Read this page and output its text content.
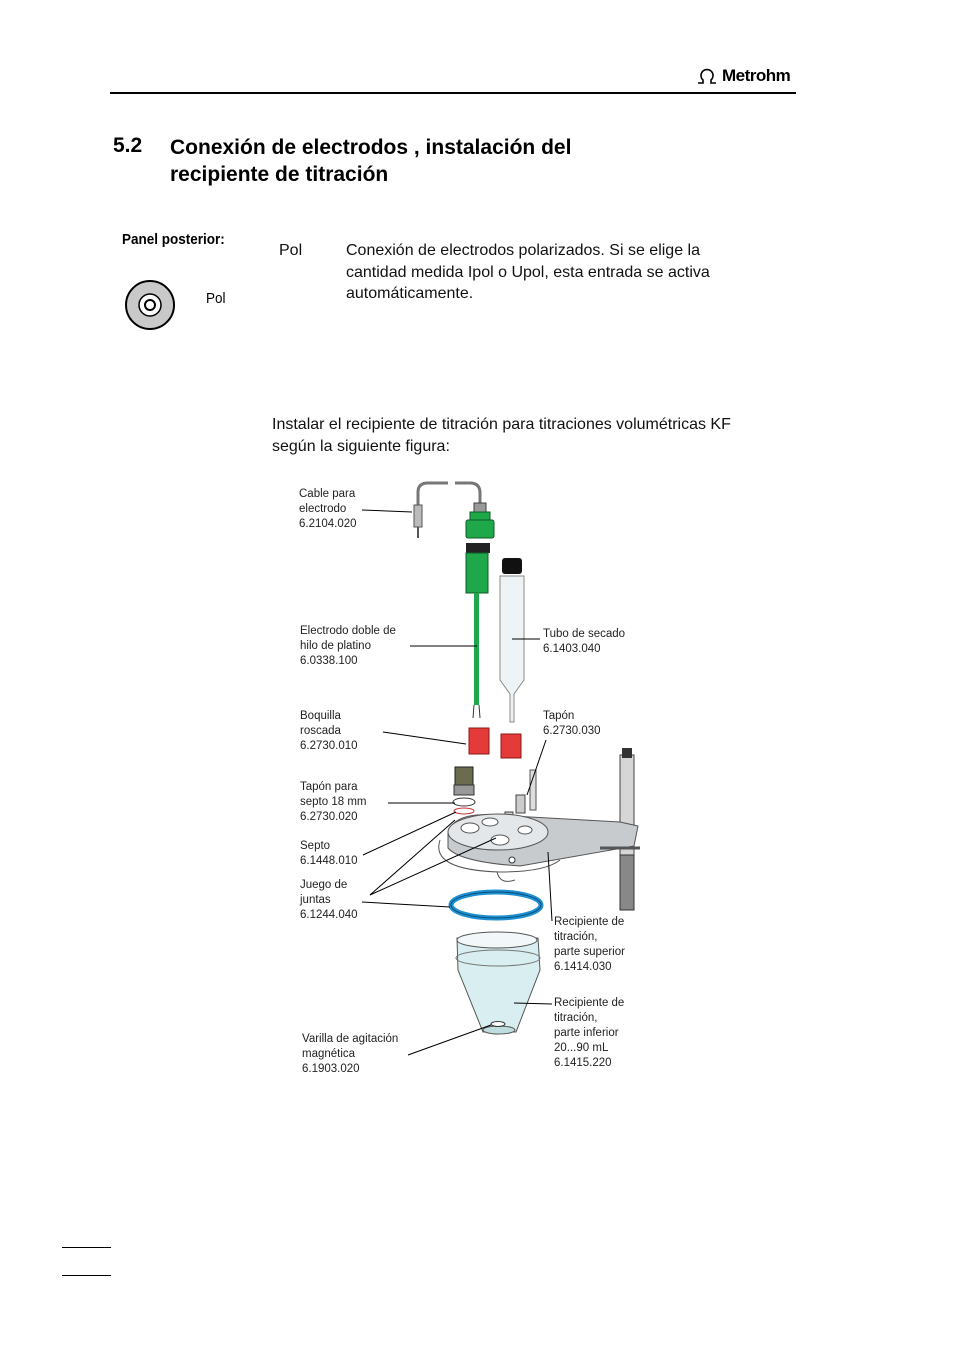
Metrohm
5.2 Conexión de electrodos , instalación del
recipiente de titración
Panel posterior:
Pol
Pol	Conexión de electrodos polarizados. Si se elige la
cantidad medida Ipol o Upol, esta entrada se activa
automáticamente.
Instalar el recipiente de titración para titraciones volumétricas KF
según la siguiente figura:
Cable para
electrodo
6.2104.020
Electrodo doble de
hilo de platino
6.0338.100
Boquilla
roscada
6.2730.010
Tapón para
septo 18 mm
6.2730.020
Septo
6.1448.010
Juego de
juntas
6.1244.040
Varilla de agitación
magnética
6.1903.020
Tubo de secado
6.1403.040
Tapón
6.2730.030
Recipiente de
titración,
parte superior
6.1414.030
Recipiente de
titración,
parte inferior
20...90 mL
6.1415.220
